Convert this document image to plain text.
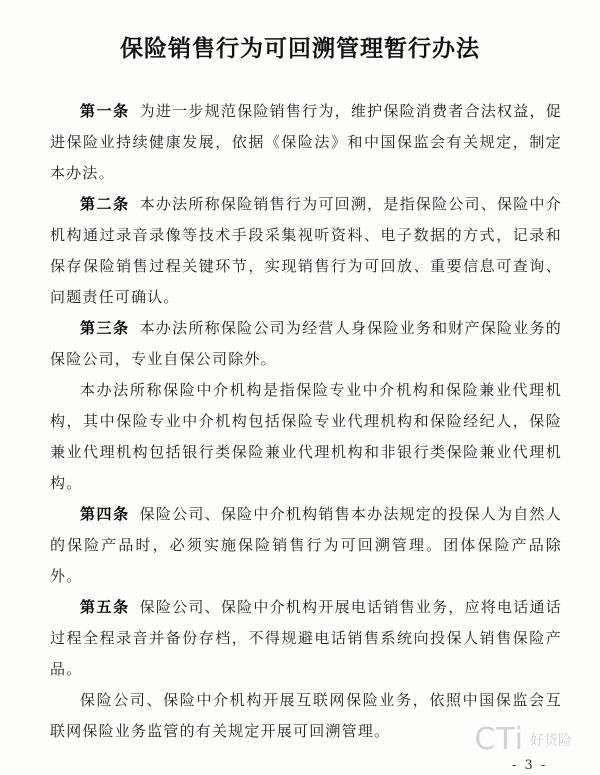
保险销售行为可回溯管理暂行办法

第一条 为进一步规范保险销售行为，维护保险消费者合法权益，促进保险业持续健康发展，依据《保险法》和中国保监会有关规定，制定本办法。

第二条 本办法所称保险销售行为可回溯，是指保险公司、保险中介机构通过录音录像等技术手段采集视听资料、电子数据的方式，记录和保存保险销售过程关键环节，实现销售行为可回放、重要信息可查询、问题责任可确认。

第三条 本办法所称保险公司为经营人身保险业务和财产保险业务的保险公司，专业自保公司除外。

本办法所称保险中介机构是指保险专业中介机构和保险兼业代理机构，其中保险专业中介机构包括保险专业代理机构和保险经纪人，保险兼业代理机构包括银行类保险兼业代理机构和非银行类保险兼业代理机构。

第四条 保险公司、保险中介机构销售本办法规定的投保人为自然人的保险产品时，必须实施保险销售行为可回溯管理。团体保险产品除外。

第五条 保险公司、保险中介机构开展电话销售业务，应将电话通话过程全程录音并备份存档，不得规避电话销售系统向投保人销售保险产品。

保险公司、保险中介机构开展互联网保险业务，依照中国保监会互联网保险业务监管的有关规定开展可回溯管理。	CTi 好货险
- 3 -
